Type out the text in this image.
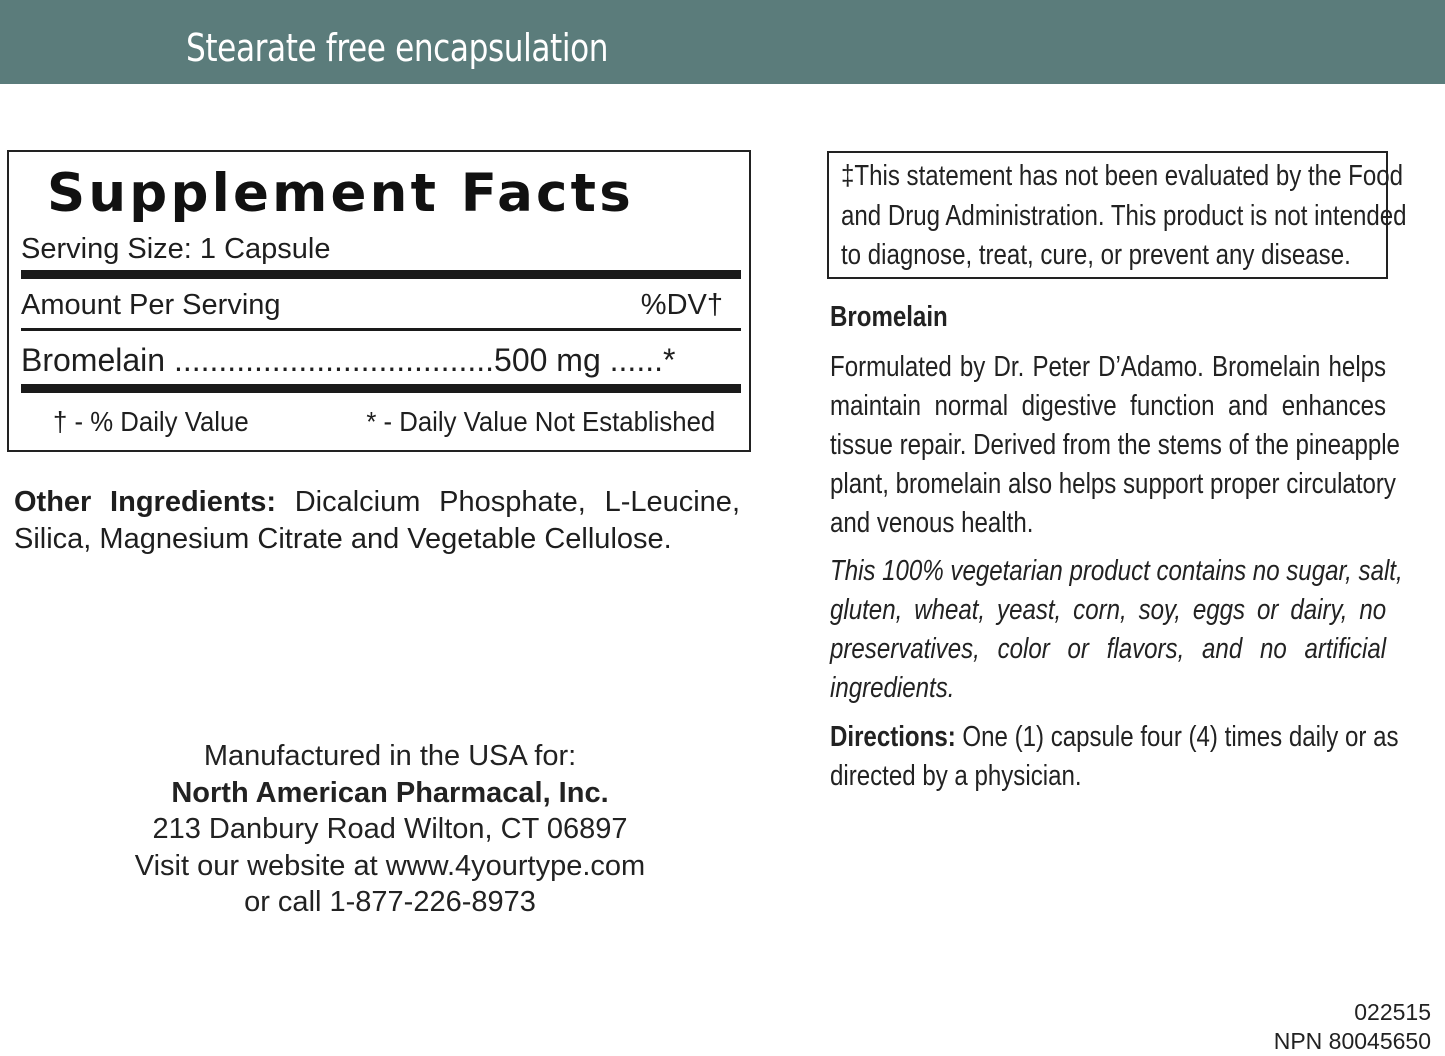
Stearate free encapsulation
Supplement Facts
Serving Size: 1 Capsule
Amount Per Serving	%DV†
Bromelain ....................................500 mg ......*
† - % Daily Value	* - Daily Value Not Established
Other Ingredients: Dicalcium Phosphate, L-Leucine, Silica, Magnesium Citrate and Vegetable Cellulose.
Manufactured in the USA for:
North American Pharmacal, Inc.
213 Danbury Road Wilton, CT 06897
Visit our website at www.4yourtype.com
or call 1-877-226-8973
‡This statement has not been evaluated by the Food
and Drug Administration. This product is not intended
to diagnose, treat, cure, or prevent any disease.
Bromelain
Formulated by Dr. Peter D’Adamo. Bromelain helps
maintain normal digestive function and enhances
tissue repair. Derived from the stems of the pineapple
plant, bromelain also helps support proper circulatory
and venous health.
This 100% vegetarian product contains no sugar, salt,
gluten, wheat, yeast, corn, soy, eggs or dairy, no
preservatives, color or flavors, and no artificial
ingredients.
Directions: One (1) capsule four (4) times daily or as
directed by a physician.
022515
NPN 80045650
